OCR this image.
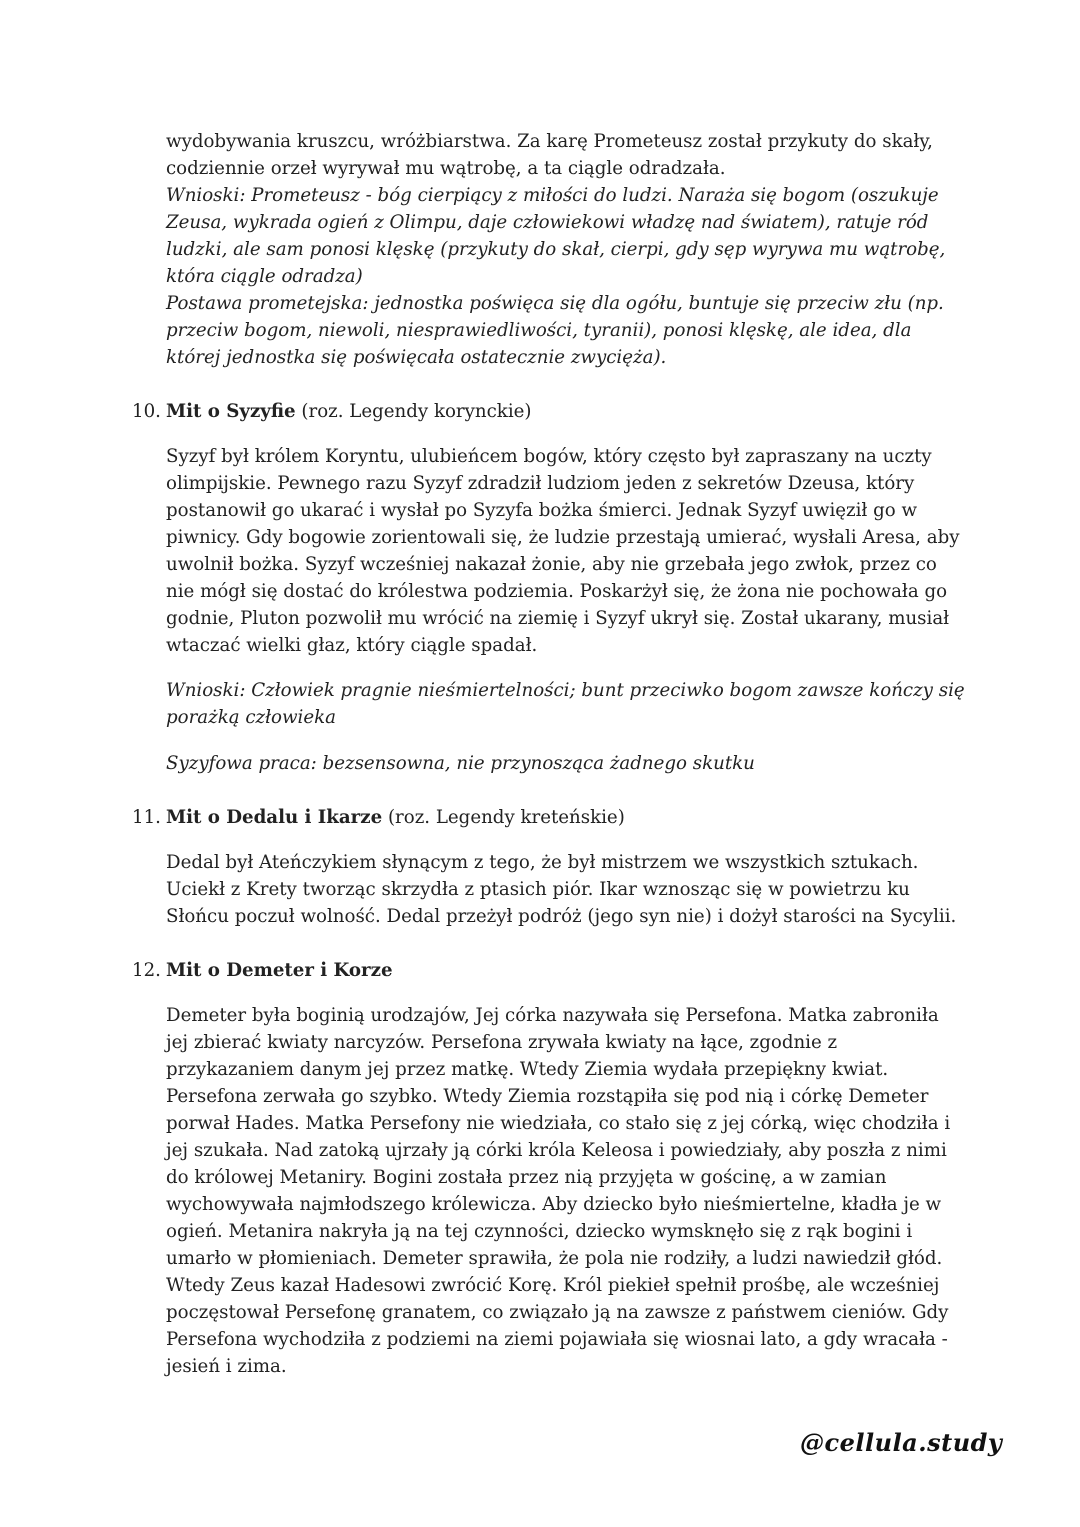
wydobywania kruszcu, wróżbiarstwa. Za karę Prometeusz został przykuty do skały, codziennie orzeł wyrywał mu wątrobę, a ta ciągle odradzała.

Wnioski: Prometeusz - bóg cierpiący z miłości do ludzi. Naraża się bogom (oszukuje Zeusa, wykrada ogień z Olimpu, daje człowiekowi władzę nad światem), ratuje ród ludzki, ale sam ponosi klęskę (przykuty do skał, cierpi, gdy sęp wyrywa mu wątrobę, która ciągle odradza)

Postawa prometejska: jednostka poświęca się dla ogółu, buntuje się przeciw złu (np. przeciw bogom, niewoli, niesprawiedliwości, tyranii), ponosi klęskę, ale idea, dla której jednostka się poświęcała ostatecznie zwycięża).

10. Mit o Syzyfie (roz. Legendy korynckie)

Syzyf był królem Koryntu, ulubieńcem bogów, który często był zapraszany na uczty olimpijskie. Pewnego razu Syzyf zdradził ludziom jeden z sekretów Dzeusa, który postanowił go ukarać i wysłał po Syzyfa bożka śmierci. Jednak Syzyf uwięził go w piwnicy. Gdy bogowie zorientowali się, że ludzie przestają umierać, wysłali Aresa, aby uwolnił bożka. Syzyf wcześniej nakazał żonie, aby nie grzebała jego zwłok, przez co nie mógł się dostać do królestwa podziemia. Poskarżył się, że żona nie pochowała go godnie, Pluton pozwolił mu wrócić na ziemię i Syzyf ukrył się. Został ukarany, musiał wtaczać wielki głaz, który ciągle spadał.

Wnioski: Człowiek pragnie nieśmiertelności; bunt przeciwko bogom zawsze kończy się porażką człowieka

Syzyfowa praca: bezsensowna, nie przynosząca żadnego skutku

11. Mit o Dedalu i Ikarze (roz. Legendy kreteńskie)

Dedal był Ateńczykiem słynącym z tego, że był mistrzem we wszystkich sztukach. Uciekł z Krety tworząc skrzydła z ptasich piór. Ikar wznosząc się w powietrzu ku Słońcu poczuł wolność. Dedal przeżył podróż (jego syn nie) i dożył starości na Sycylii.

12. Mit o Demeter i Korze

Demeter była boginią urodzajów, Jej córka nazywała się Persefona. Matka zabroniła jej zbierać kwiaty narcyzów. Persefona zrywała kwiaty na łące, zgodnie z przykazaniem danym jej przez matkę. Wtedy Ziemia wydała przepiękny kwiat. Persefona zerwała go szybko. Wtedy Ziemia rozstąpiła się pod nią i córkę Demeter porwał Hades. Matka Persefony nie wiedziała, co stało się z jej córką, więc chodziła i jej szukała. Nad zatoką ujrzały ją córki króla Keleosa i powiedziały, aby poszła z nimi do królowej Metaniry. Bogini została przez nią przyjęta w gościnę, a w zamian wychowywała najmłodszego królewicza. Aby dziecko było nieśmiertelne, kładła je w ogień. Metanira nakryła ją na tej czynności, dziecko wymsknęło się z rąk bogini i umarło w płomieniach. Demeter sprawiła, że pola nie rodziły, a ludzi nawiedził głód. Wtedy Zeus kazał Hadesowi zwrócić Korę. Król piekieł spełnił prośbę, ale wcześniej poczęstował Persefonę granatem, co związało ją na zawsze z państwem cieniów. Gdy Persefona wychodziła z podziemi na ziemi pojawiała się wiosnai lato, a gdy wracała - jesień i zima.

@cellula.study
